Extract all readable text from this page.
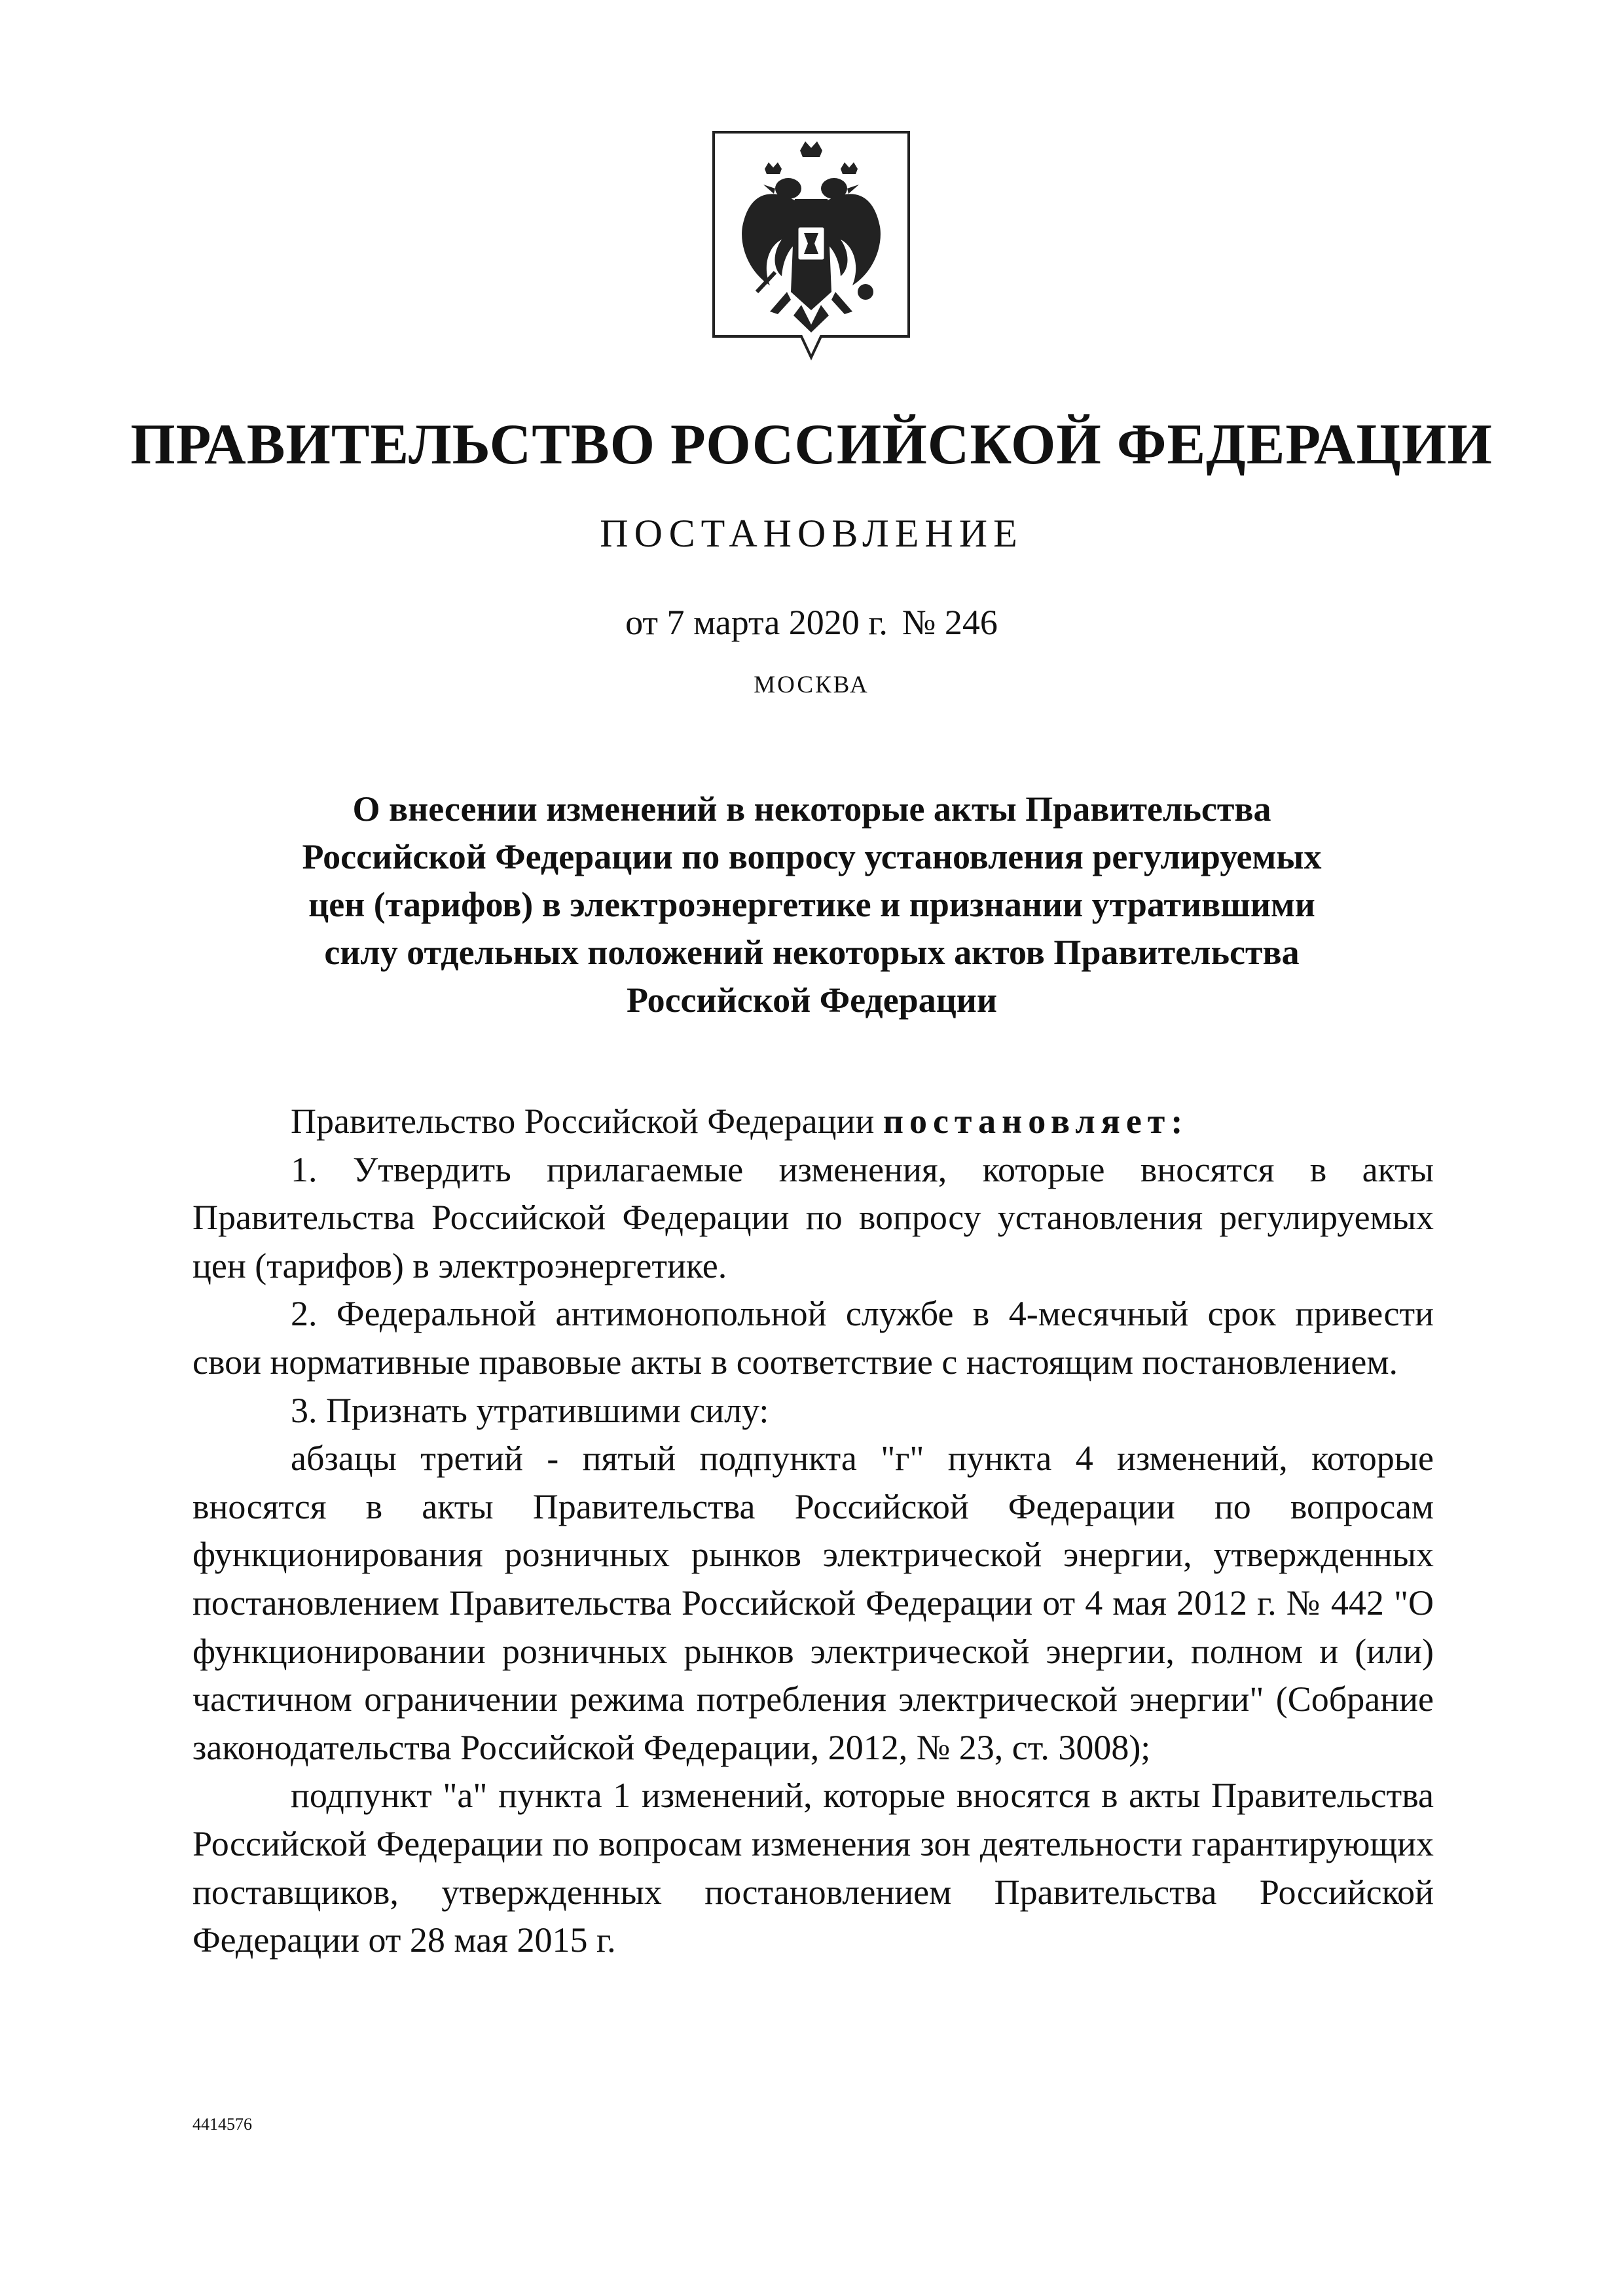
ПРАВИТЕЛЬСТВО РОССИЙСКОЙ ФЕДЕРАЦИИ
ПОСТАНОВЛЕНИЕ
от 7 марта 2020 г. № 246
МОСКВА
О внесении изменений в некоторые акты Правительства
Российской Федерации по вопросу установления регулируемых
цен (тарифов) в электроэнергетике и признании утратившими
силу отдельных положений некоторых актов Правительства
Российской Федерации

Правительство Российской Федерации постановляет:

1. Утвердить прилагаемые изменения, которые вносятся в акты Правительства Российской Федерации по вопросу установления регулируемых цен (тарифов) в электроэнергетике.

2. Федеральной антимонопольной службе в 4-месячный срок привести свои нормативные правовые акты в соответствие с настоящим постановлением.

3. Признать утратившими силу:

абзацы третий - пятый подпункта "г" пункта 4 изменений, которые вносятся в акты Правительства Российской Федерации по вопросам функционирования розничных рынков электрической энергии, утвержденных постановлением Правительства Российской Федерации от 4 мая 2012 г. № 442 "О функционировании розничных рынков электрической энергии, полном и (или) частичном ограничении режима потребления электрической энергии" (Собрание законодательства Российской Федерации, 2012, № 23, ст. 3008);

подпункт "а" пункта 1 изменений, которые вносятся в акты Правительства Российской Федерации по вопросам изменения зон деятельности гарантирующих поставщиков, утвержденных постановлением Правительства Российской Федерации от 28 мая 2015 г.

4414576
